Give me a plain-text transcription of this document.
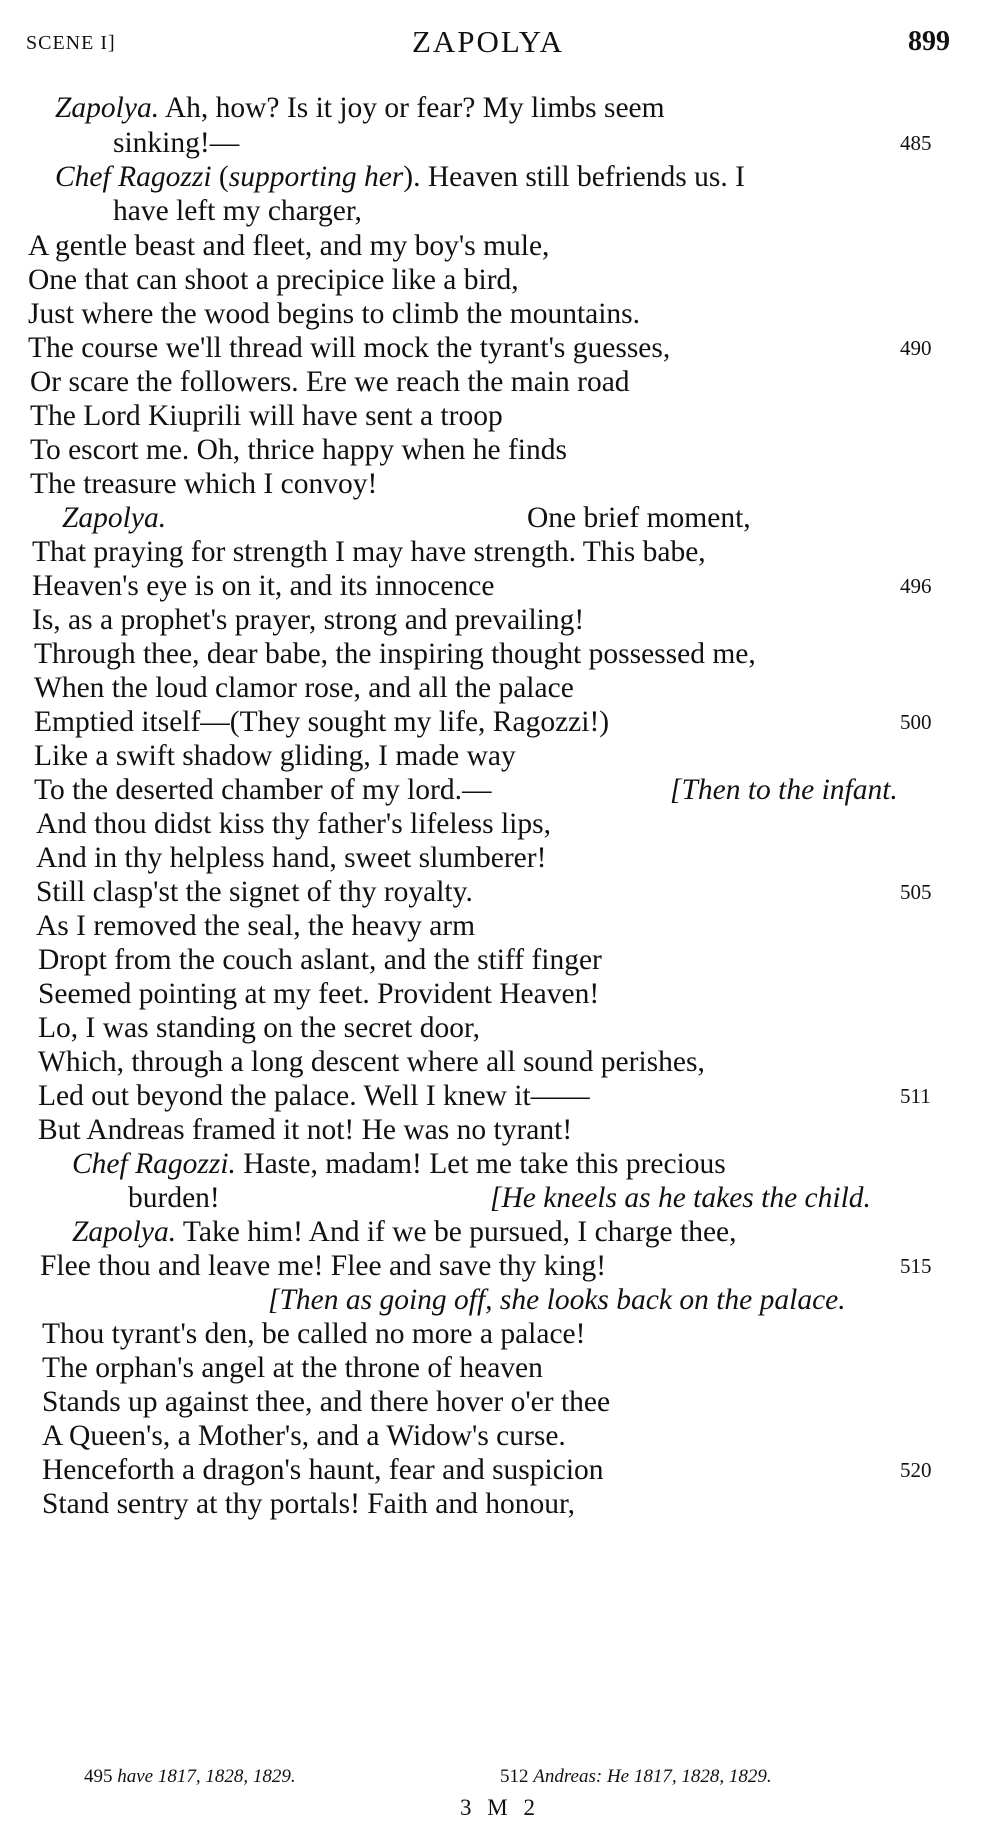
SCENE I]	ZAPOLYA	899
Zapolya. Ah, how? Is it joy or fear? My limbs seem
sinking!—	485
Chef Ragozzi (supporting her). Heaven still befriends us. I
have left my charger,
A gentle beast and fleet, and my boy's mule,
One that can shoot a precipice like a bird,
Just where the wood begins to climb the mountains.
The course we'll thread will mock the tyrant's guesses,	490
Or scare the followers. Ere we reach the main road
The Lord Kiuprili will have sent a troop
To escort me. Oh, thrice happy when he finds
The treasure which I convoy!
Zapolya.	One brief moment,
That praying for strength I may have strength. This babe,
Heaven's eye is on it, and its innocence	496
Is, as a prophet's prayer, strong and prevailing!
Through thee, dear babe, the inspiring thought possessed me,
When the loud clamor rose, and all the palace
Emptied itself—(They sought my life, Ragozzi!)	500
Like a swift shadow gliding, I made way
To the deserted chamber of my lord.—	[Then to the infant.
And thou didst kiss thy father's lifeless lips,
And in thy helpless hand, sweet slumberer!
Still clasp'st the signet of thy royalty.	505
As I removed the seal, the heavy arm
Dropt from the couch aslant, and the stiff finger
Seemed pointing at my feet. Provident Heaven!
Lo, I was standing on the secret door,
Which, through a long descent where all sound perishes,
Led out beyond the palace. Well I knew it——	511
But Andreas framed it not! He was no tyrant!
Chef Ragozzi. Haste, madam! Let me take this precious
burden!	[He kneels as he takes the child.
Zapolya. Take him! And if we be pursued, I charge thee,
Flee thou and leave me! Flee and save thy king!	515
[Then as going off, she looks back on the palace.
Thou tyrant's den, be called no more a palace!
The orphan's angel at the throne of heaven
Stands up against thee, and there hover o'er thee
A Queen's, a Mother's, and a Widow's curse.
Henceforth a dragon's haunt, fear and suspicion	520
Stand sentry at thy portals! Faith and honour,
495 have 1817, 1828, 1829.	512 Andreas: He 1817, 1828, 1829.
3 M 2
